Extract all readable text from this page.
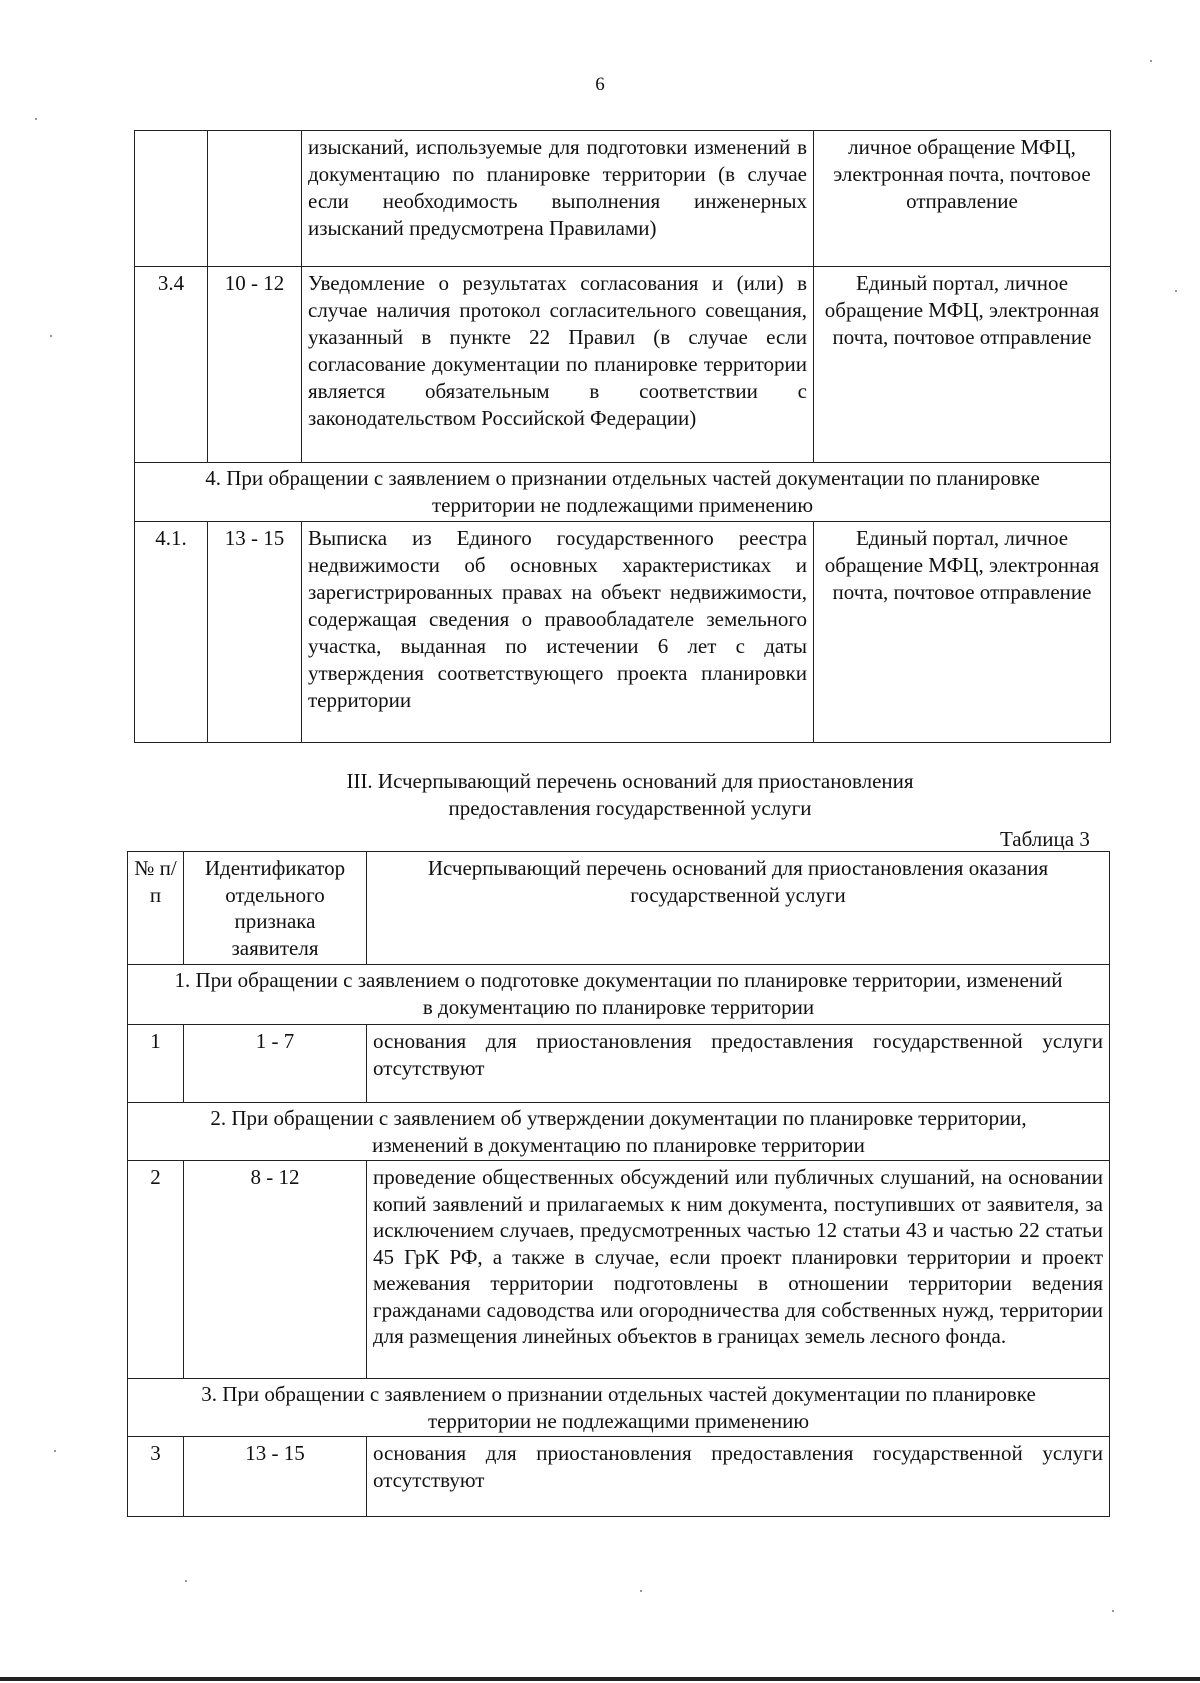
6
		изысканий, используемые для подготовки изменений в документацию по планировке территории (в случае если необходимость выполнения инженерных изысканий предусмотрена Правилами)	личное обращение МФЦ, электронная почта, почтовое отправление
3.4	10 - 12	Уведомление о результатах согласования и (или) в случае наличия протокол согласительного совещания, указанный в пункте 22 Правил (в случае если согласование документации по планировке территории является обязательным в соответствии с законодательством Российской Федерации)	Единый портал, личное обращение МФЦ, электронная почта, почтовое отправление
4. При обращении с заявлением о признании отдельных частей документации по планировке территории не подлежащими применению			
4.1.	13 - 15	Выписка из Единого государственного реестра недвижимости об основных характеристиках и зарегистрированных правах на объект недвижимости, содержащая сведения о правообладателе земельного участка, выданная по истечении 6 лет с даты утверждения соответствующего проекта планировки территории	Единый портал, личное обращение МФЦ, электронная почта, почтовое отправление
III. Исчерпывающий перечень оснований для приостановления
предоставления государственной услуги
Таблица 3
№ п/п	Идентификатор отдельного признака заявителя	Исчерпывающий перечень оснований для приостановления оказания государственной услуги
1. При обращении с заявлением о подготовке документации по планировке территории, изменений в документацию по планировке территории		
1	1 - 7	основания для приостановления предоставления государственной услуги отсутствуют
2. При обращении с заявлением об утверждении документации по планировке территории, изменений в документацию по планировке территории		
2	8 - 12	проведение общественных обсуждений или публичных слушаний, на основании копий заявлений и прилагаемых к ним документа, поступивших от заявителя, за исключением случаев, предусмотренных частью 12 статьи 43 и частью 22 статьи 45 ГрК РФ, а также в случае, если проект планировки территории и проект межевания территории подготовлены в отношении территории ведения гражданами садоводства или огородничества для собственных нужд, территории для размещения линейных объектов в границах земель лесного фонда.
3. При обращении с заявлением о признании отдельных частей документации по планировке территории не подлежащими применению		
3	13 - 15	основания для приостановления предоставления государственной услуги отсутствуют
